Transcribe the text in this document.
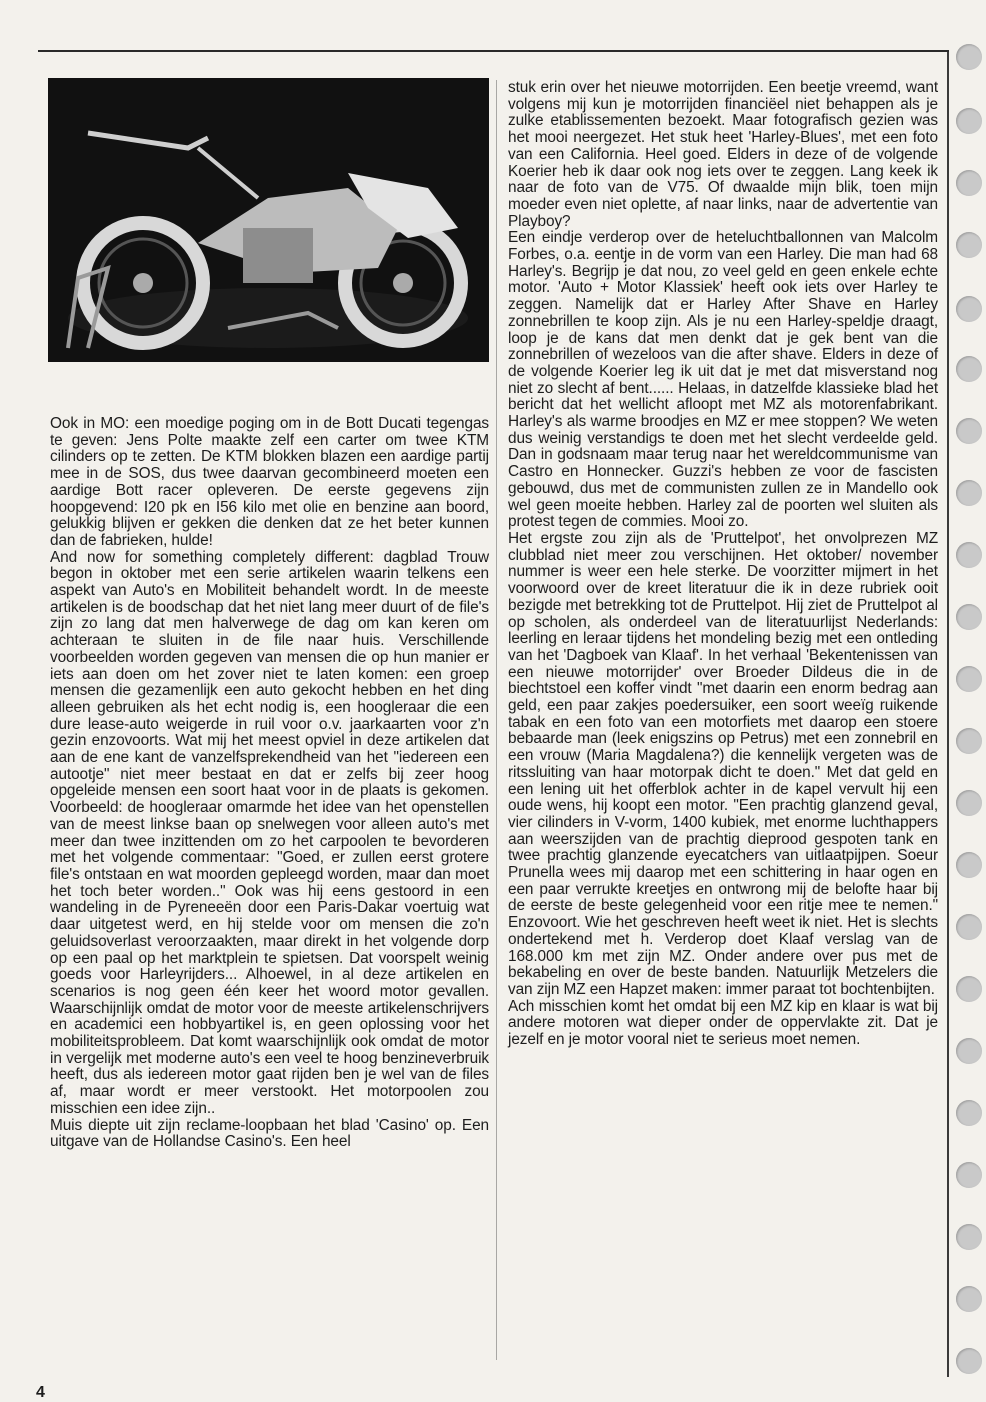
Ook in MO: een moedige poging om in de Bott Ducati tegengas te geven: Jens Polte maakte zelf een carter om twee KTM cilinders op te zetten. De KTM blokken blazen een aardige partij mee in de SOS, dus twee daarvan gecombineerd moeten een aardige Bott racer opleveren. De eerste gegevens zijn hoopgevend: I20 pk en I56 kilo met olie en benzine aan boord, gelukkig blijven er gekken die denken dat ze het beter kunnen dan de fabrieken, hulde!

And now for something completely different: dagblad Trouw begon in oktober met een serie artikelen waarin telkens een aspekt van Auto's en Mobiliteit behandelt wordt. In de meeste artikelen is de boodschap dat het niet lang meer duurt of de file's zijn zo lang dat men halverwege de dag om kan keren om achteraan te sluiten in de file naar huis. Verschillende voorbeelden worden gegeven van mensen die op hun manier er iets aan doen om het zover niet te laten komen: een groep mensen die gezamenlijk een auto gekocht hebben en het ding alleen gebruiken als het echt nodig is, een hoogleraar die een dure lease-auto weigerde in ruil voor o.v. jaarkaarten voor z'n gezin enzovoorts. Wat mij het meest opviel in deze artikelen dat aan de ene kant de vanzelfsprekendheid van het "iedereen een autootje" niet meer bestaat en dat er zelfs bij zeer hoog opgeleide mensen een soort haat voor in de plaats is gekomen. Voorbeeld: de hoogleraar omarmde het idee van het openstellen van de meest linkse baan op snelwegen voor alleen auto's met meer dan twee inzittenden om zo het carpoolen te bevorderen met het volgende commentaar: "Goed, er zullen eerst grotere file's ontstaan en wat moorden gepleegd worden, maar dan moet het toch beter worden.." Ook was hij eens gestoord in een wandeling in de Pyreneeën door een Paris-Dakar voertuig wat daar uitgetest werd, en hij stelde voor om mensen die zo'n geluidsoverlast veroorzaakten, maar direkt in het volgende dorp op een paal op het marktplein te spietsen. Dat voorspelt weinig goeds voor Harleyrijders... Alhoewel, in al deze artikelen en scenarios is nog geen één keer het woord motor gevallen. Waarschijnlijk omdat de motor voor de meeste artikelenschrijvers en academici een hobbyartikel is, en geen oplossing voor het mobiliteitsprobleem. Dat komt waarschijnlijk ook omdat de motor in vergelijk met moderne auto's een veel te hoog benzineverbruik heeft, dus als iedereen motor gaat rijden ben je wel van de files af, maar wordt er meer verstookt. Het motorpoolen zou misschien een idee zijn..

Muis diepte uit zijn reclame-loopbaan het blad 'Casino' op. Een uitgave van de Hollandse Casino's. Een heel

stuk erin over het nieuwe motorrijden. Een beetje vreemd, want volgens mij kun je motorrijden financiëel niet behappen als je zulke etablissementen bezoekt. Maar fotografisch gezien was het mooi neergezet. Het stuk heet 'Harley-Blues', met een foto van een California. Heel goed. Elders in deze of de volgende Koerier heb ik daar ook nog iets over te zeggen. Lang keek ik naar de foto van de V75. Of dwaalde mijn blik, toen mijn moeder even niet oplette, af naar links, naar de advertentie van Playboy?

Een eindje verderop over de heteluchtballonnen van Malcolm Forbes, o.a. eentje in de vorm van een Harley. Die man had 68 Harley's. Begrijp je dat nou, zo veel geld en geen enkele echte motor. 'Auto + Motor Klassiek' heeft ook iets over Harley te zeggen. Namelijk dat er Harley After Shave en Harley zonnebrillen te koop zijn. Als je nu een Harley-speldje draagt, loop je de kans dat men denkt dat je gek bent van die zonnebrillen of wezeloos van die after shave. Elders in deze of de volgende Koerier leg ik uit dat je met dat misverstand nog niet zo slecht af bent...... Helaas, in datzelfde klassieke blad het bericht dat het wellicht afloopt met MZ als motorenfabrikant. Harley's als warme broodjes en MZ er mee stoppen? We weten dus weinig verstandigs te doen met het slecht verdeelde geld. Dan in godsnaam maar terug naar het wereldcommunisme van Castro en Honnecker. Guzzi's hebben ze voor de fascisten gebouwd, dus met de communisten zullen ze in Mandello ook wel geen moeite hebben. Harley zal de poorten wel sluiten als protest tegen de commies. Mooi zo.

Het ergste zou zijn als de 'Pruttelpot', het onvolprezen MZ clubblad niet meer zou verschijnen. Het oktober/ november nummer is weer een hele sterke. De voorzitter mijmert in het voorwoord over de kreet literatuur die ik in deze rubriek ooit bezigde met betrekking tot de Pruttelpot. Hij ziet de Pruttelpot al op scholen, als onderdeel van de literatuurlijst Nederlands: leerling en leraar tijdens het mondeling bezig met een ontleding van het 'Dagboek van Klaaf'. In het verhaal 'Bekentenissen van een nieuwe motorrijder' over Broeder Dildeus die in de biechtstoel een koffer vindt "met daarin een enorm bedrag aan geld, een paar zakjes poedersuiker, een soort weeïg ruikende tabak en een foto van een motorfiets met daarop een stoere bebaarde man (leek enigszins op Petrus) met een zonnebril en een vrouw (Maria Magdalena?) die kennelijk vergeten was de ritssluiting van haar motorpak dicht te doen." Met dat geld en een lening uit het offerblok achter in de kapel vervult hij een oude wens, hij koopt een motor. "Een prachtig glanzend geval, vier cilinders in V-vorm, 1400 kubiek, met enorme luchthappers aan weerszijden van de prachtig dieprood gespoten tank en twee prachtig glanzende eyecatchers van uitlaatpijpen. Soeur Prunella wees mij daarop met een schittering in haar ogen en een paar verrukte kreetjes en ontwrong mij de belofte haar bij de eerste de beste gelegenheid voor een ritje mee te nemen." Enzovoort. Wie het geschreven heeft weet ik niet. Het is slechts ondertekend met h. Verderop doet Klaaf verslag van de 168.000 km met zijn MZ. Onder andere over pus met de bekabeling en over de beste banden. Natuurlijk Metzelers die van zijn MZ een Hapzet maken: immer paraat tot bochtenbijten.

Ach misschien komt het omdat bij een MZ kip en klaar is wat bij andere motoren wat dieper onder de oppervlakte zit. Dat je jezelf en je motor vooral niet te serieus moet nemen.

4
